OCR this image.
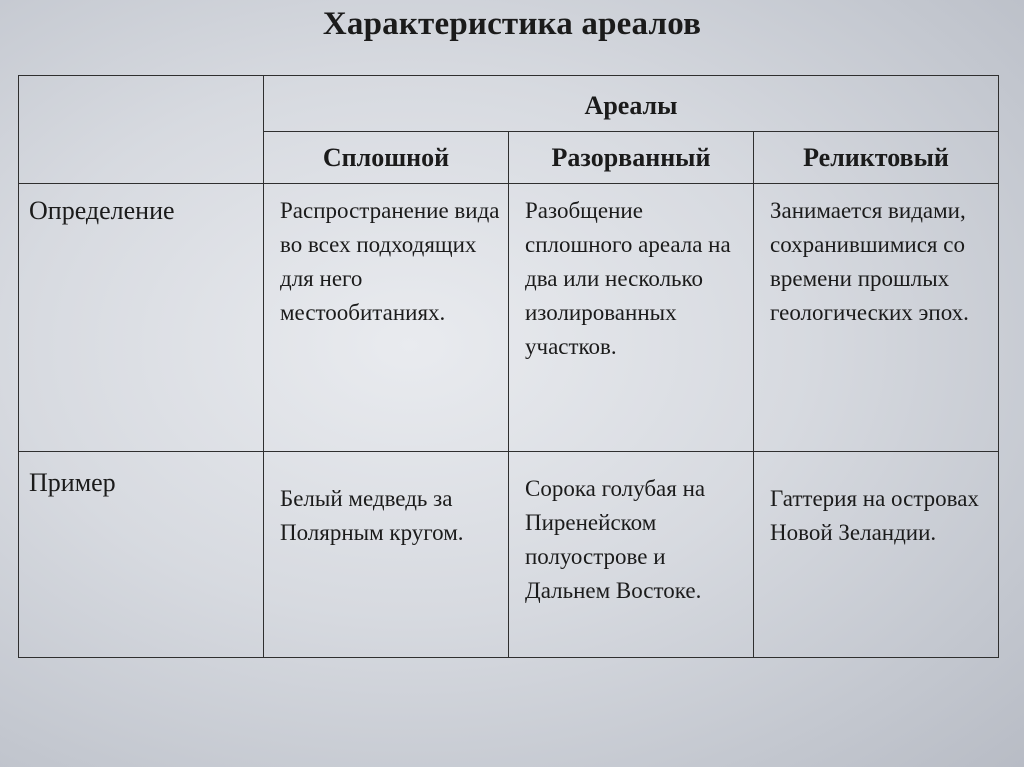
Характеристика ареалов
	Ареалы		
	Сплошной	Разорванный	Реликтовый
Определение	Распространение вида во всех подходящих для него местообитаниях.	Разобщение сплошного ареала на два или несколько изолированных участков.	Занимается видами, сохранившимися со времени прошлых геологических эпох.
Пример	Белый медведь за Полярным кругом.	Сорока голубая на Пиренейском полуострове и Дальнем Востоке.	Гаттерия на островах Новой Зеландии.
